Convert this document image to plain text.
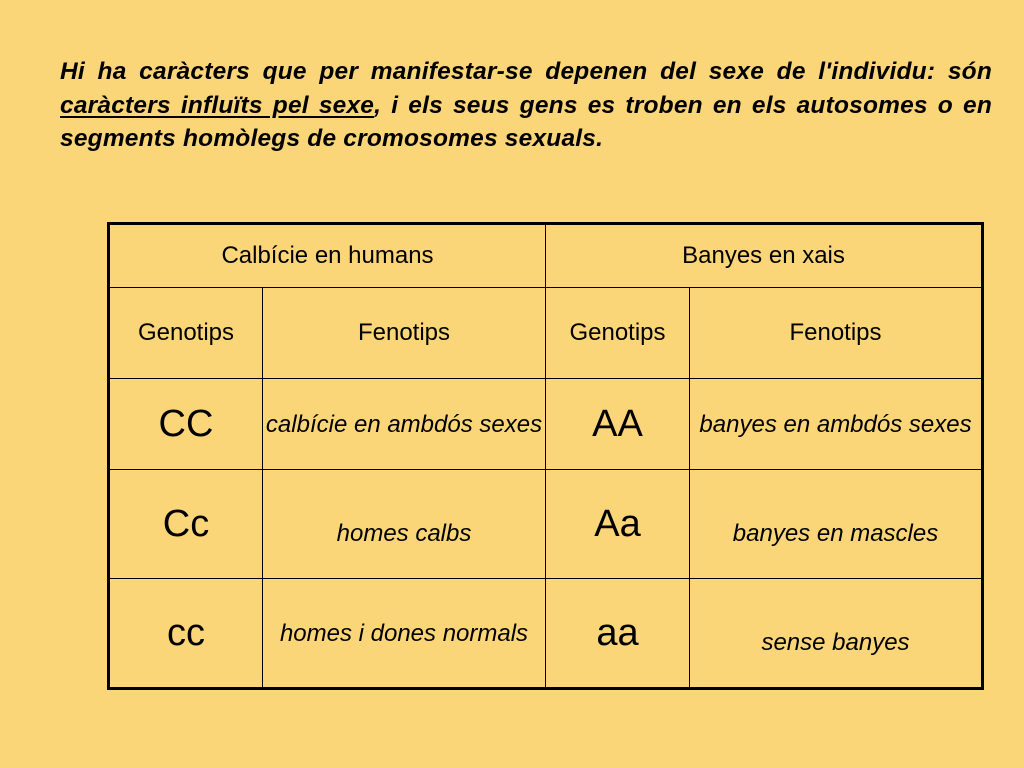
Hi ha caràcters que per manifestar-se depenen del sexe de l'individu: són caràcters influïts pel sexe, i els seus gens es troben en els autosomes o en segments homòlegs de cromosomes sexuals.

Calbície en humans		Banyes en xais	
Genotips	Fenotips	Genotips	Fenotips
CC	calbície en ambdós sexes	AA	banyes en ambdós sexes
Cc	homes calbs	Aa	banyes en mascles
cc	homes i dones normals	aa	sense banyes
